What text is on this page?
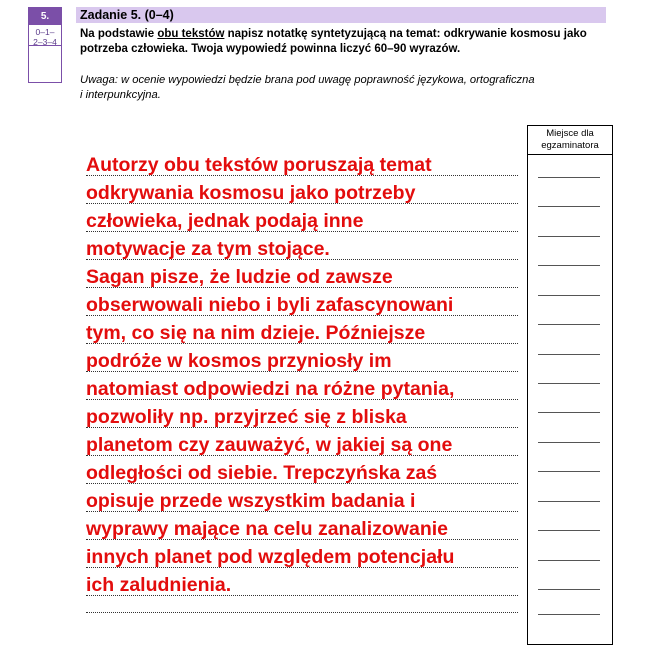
5.
0–1–
2–3–4
Zadanie 5. (0–4)
Na podstawie obu tekstów napisz notatkę syntetyzującą na temat: odkrywanie kosmosu jako potrzeba człowieka. Twoja wypowiedź powinna liczyć 60–90 wyrazów.
Uwaga: w ocenie wypowiedzi będzie brana pod uwagę poprawność językowa, ortograficzna
i interpunkcyjna.
Miejsce dla
egzaminatora
Autorzy obu tekstów poruszają temat
odkrywania kosmosu jako potrzeby
człowieka, jednak podają inne
motywacje za tym stojące.
Sagan pisze, że ludzie od zawsze
obserwowali niebo i byli zafascynowani
tym, co się na nim dzieje. Późniejsze
podróże w kosmos przyniosły im
natomiast odpowiedzi na różne pytania,
pozwoliły np. przyjrzeć się z bliska
planetom czy zauważyć, w jakiej są one
odległości od siebie. Trepczyńska zaś
opisuje przede wszystkim badania i
wyprawy mające na celu zanalizowanie
innych planet pod względem potencjału
ich zaludnienia.
